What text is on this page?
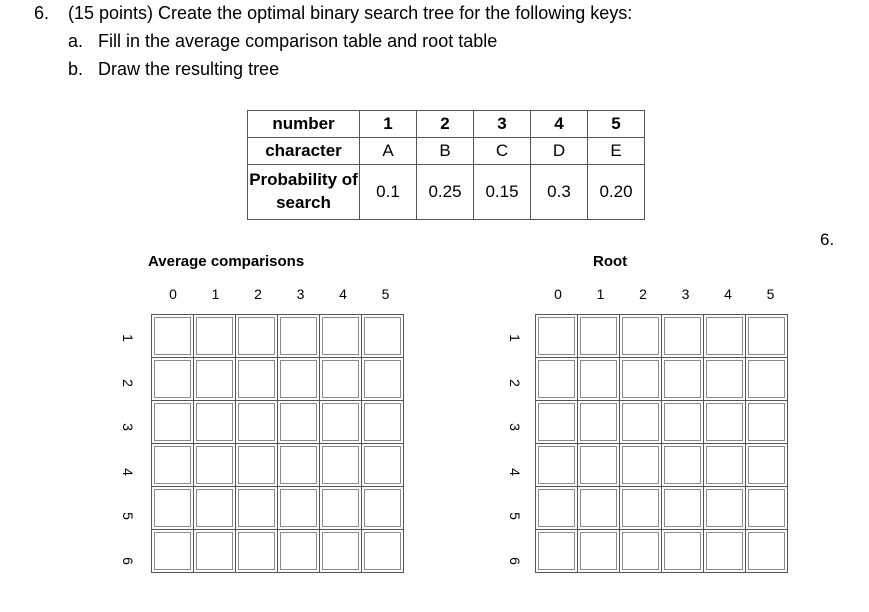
6. (15 points) Create the optimal binary search tree for the following keys:
a. Fill in the average comparison table and root table
b. Draw the resulting tree
6.
number	1	2	3	4	5
character	A	B	C	D	E
Probability of search	0.1	0.25	0.15	0.3	0.20
Average comparisons	Root
1
2
3
4
5
6
0	1	2	3	4	5
1
2
3
4
5
6
0	1	2	3	4	5
